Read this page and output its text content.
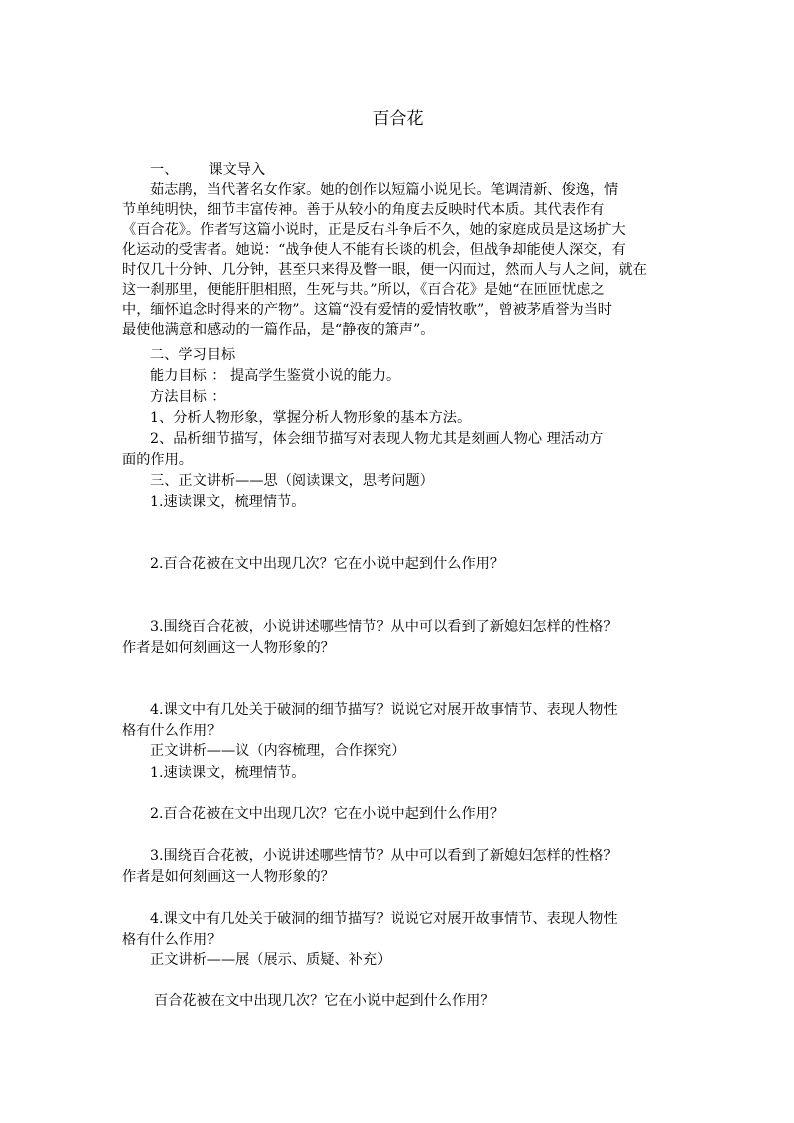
百合花
一、 课文导入
茹志鹃，当代著名女作家。她的创作以短篇小说见长。笔调清新、俊逸，情
节单纯明快，细节丰富传神。善于从较小的角度去反映时代本质。其代表作有
《百合花》。作者写这篇小说时，正是反右斗争后不久，她的家庭成员是这场扩大
化运动的受害者。她说：“战争使人不能有长谈的机会，但战争却能使人深交，有
时仅几十分钟、几分钟，甚至只来得及瞥一眼，便一闪而过，然而人与人之间，就在
这一刹那里，便能肝胆相照，生死与共。”所以，《百合花》是她“在匝匝忧虑之
中，缅怀追念时得来的产物”。这篇“没有爱情的爱情牧歌”，曾被茅盾誉为当时
最使他满意和感动的一篇作品，是“静夜的箫声”。
二、学习目标
能力目标 ： 提高学生鉴赏小说的能力。
方法目标 ：
1、分析人物形象，掌握分析人物形象的基本方法。
2、品析细节描写，体会细节描写对表现人物尤其是刻画人物心 理活动方
面的作用。
三、正文讲析——思（阅读课文，思考问题）
1.速读课文，梳理情节。
2.百合花被在文中出现几次？它在小说中起到什么作用？
3.围绕百合花被，小说讲述哪些情节？从中可以看到了新媳妇怎样的性格？
作者是如何刻画这一人物形象的？
4.课文中有几处关于破洞的细节描写？说说它对展开故事情节、表现人物性
格有什么作用？
正文讲析——议（内容梳理，合作探究）
1.速读课文，梳理情节。
2.百合花被在文中出现几次？它在小说中起到什么作用？
3.围绕百合花被，小说讲述哪些情节？从中可以看到了新媳妇怎样的性格？
作者是如何刻画这一人物形象的？
4.课文中有几处关于破洞的细节描写？说说它对展开故事情节、表现人物性
格有什么作用？
正文讲析——展（展示、质疑、补充）
百合花被在文中出现几次？它在小说中起到什么作用？
